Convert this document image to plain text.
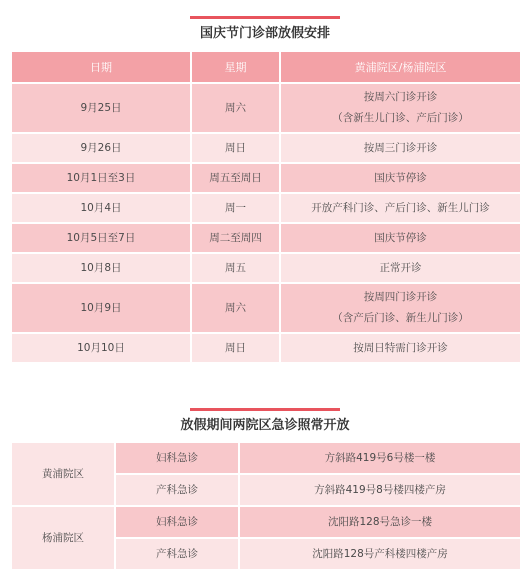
国庆节门诊部放假安排
日期	星期	黄浦院区/杨浦院区
9月25日	周六	按周六门诊开诊
（含新生儿门诊、产后门诊）

9月26日	周日	按周三门诊开诊

10月1日至3日	周五至周日	国庆节停诊

10月4日	周一	开放产科门诊、产后门诊、新生儿门诊

10月5日至7日	周二至周四	国庆节停诊

10月8日	周五	正常开诊

10月9日	周六	按周四门诊开诊
（含产后门诊、新生儿门诊）

10月10日	周日	按周日特需门诊开诊
放假期间两院区急诊照常开放
黄浦院区	妇科急诊	方斜路419号6号楼一楼
	产科急诊	方斜路419号8号楼四楼产房
杨浦院区	妇科急诊	沈阳路128号急诊一楼
	产科急诊	沈阳路128号产科楼四楼产房
